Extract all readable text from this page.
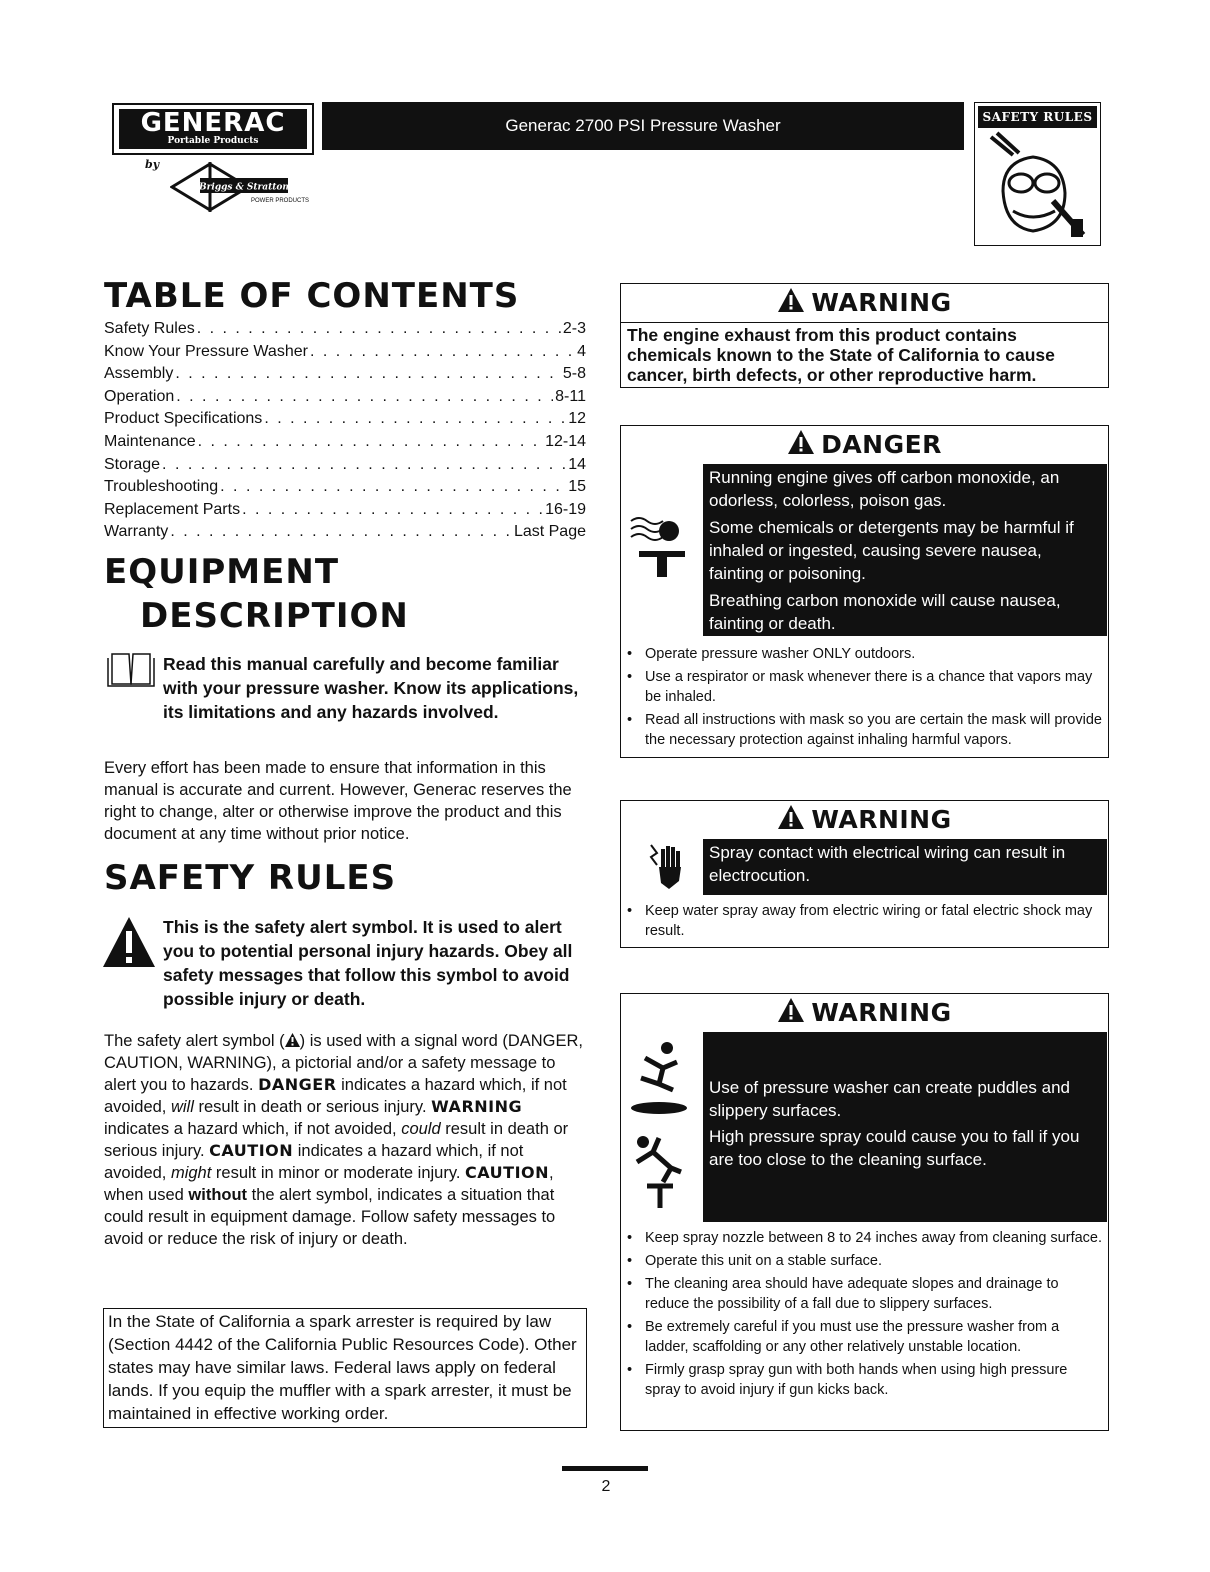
GENERAC
Portable Products
by
Briggs & Stratton
POWER PRODUCTS
Generac 2700 PSI Pressure Washer	SAFETY RULES
TABLE OF CONTENTS
Safety Rules . . .	2-3
Know Your Pressure Washer . . .	4
Assembly . . .	5-8
Operation . . .	8-11
Product Specifications . . .	12
Maintenance . . .	12-14
Storage . . .	14
Troubleshooting . . .	15
Replacement Parts . . .	16-19
Warranty . . .	Last Page
EQUIPMENT
DESCRIPTION
Read this manual carefully and become familiar with your pressure washer. Know its applications, its limitations and any hazards involved.
Every effort has been made to ensure that information in this manual is accurate and current. However, Generac reserves the right to change, alter or otherwise improve the product and this document at any time without prior notice.
SAFETY RULES
This is the safety alert symbol. It is used to alert you to potential personal injury hazards. Obey all safety messages that follow this symbol to avoid possible injury or death.
The safety alert symbol ( ) is used with a signal word (DANGER, CAUTION, WARNING), a pictorial and/or a safety message to alert you to hazards. DANGER indicates a hazard which, if not avoided, will result in death or serious injury. WARNING indicates a hazard which, if not avoided, could result in death or serious injury. CAUTION indicates a hazard which, if not avoided, might result in minor or moderate injury. CAUTION, when used without the alert symbol, indicates a situation that could result in equipment damage. Follow safety messages to avoid or reduce the risk of injury or death.
In the State of California a spark arrester is required by law (Section 4442 of the California Public Resources Code). Other states may have similar laws. Federal laws apply on federal lands. If you equip the muffler with a spark arrester, it must be maintained in effective working order.
WARNING
The engine exhaust from this product contains chemicals known to the State of California to cause cancer, birth defects, or other reproductive harm.
DANGER

Running engine gives off carbon monoxide, an odorless, colorless, poison gas.

Some chemicals or detergents may be harmful if inhaled or ingested, causing severe nausea, fainting or poisoning.

Breathing carbon monoxide will cause nausea, fainting or death.

• Operate pressure washer ONLY outdoors.
• Use a respirator or mask whenever there is a chance that vapors may be inhaled.
• Read all instructions with mask so you are certain the mask will provide the necessary protection against inhaling harmful vapors.
WARNING
Spray contact with electrical wiring can result in electrocution.
• Keep water spray away from electric wiring or fatal electric shock may result.
WARNING

Use of pressure washer can create puddles and slippery surfaces.

High pressure spray could cause you to fall if you are too close to the cleaning surface.

• Keep spray nozzle between 8 to 24 inches away from cleaning surface.
• Operate this unit on a stable surface.
• The cleaning area should have adequate slopes and drainage to reduce the possibility of a fall due to slippery surfaces.
• Be extremely careful if you must use the pressure washer from a ladder, scaffolding or any other relatively unstable location.
• Firmly grasp spray gun with both hands when using high pressure spray to avoid injury if gun kicks back.
2
